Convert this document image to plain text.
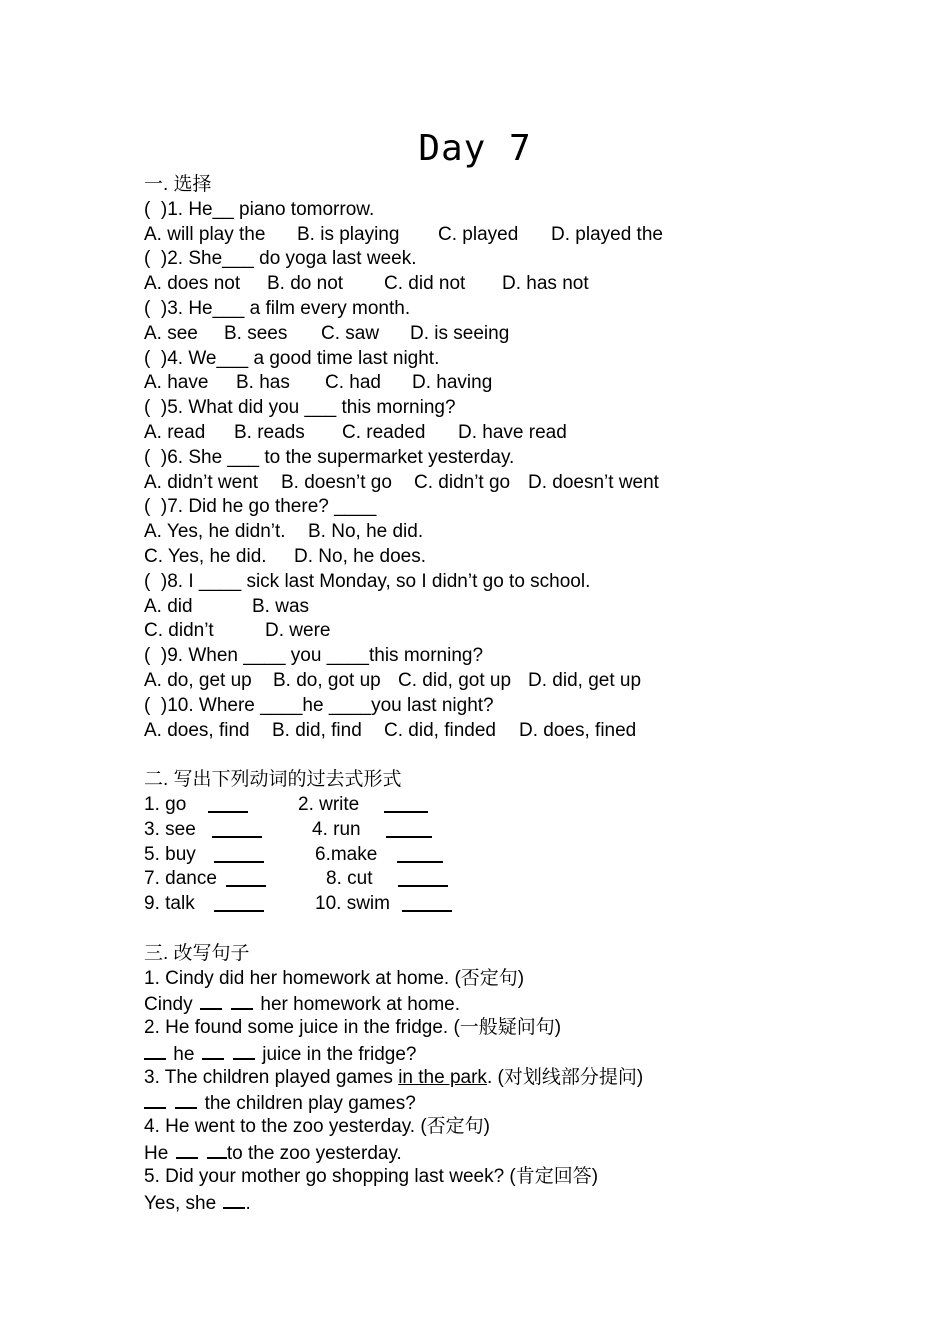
Day 7
一. 选择
(  )1. He__ piano tomorrow.

A. will play the

B. is playing

C. played

D. played the

(  )2. She___ do yoga last week.

A. does not

B. do not

C. did not

D. has not

(  )3. He___ a film every month.

A. see

B. sees

C. saw

D. is seeing

(  )4. We___ a good time last night.

A. have

B. has

C. had

D. having

(  )5. What did you ___ this morning?

A. read

B. reads

C. readed

D. have read

(  )6. She ___ to the supermarket yesterday.

A. didn’t went

B. doesn’t go

C. didn’t go

D. doesn’t went

(  )7. Did he go there? ____

A. Yes, he didn’t.

B. No, he did.

C. Yes, he did.

D. No, he does.

(  )8. I ____ sick last Monday, so I didn’t go to school.

A. did

	B. was

C. didn’t

	D. were

(  )9. When ____ you ____this morning?

A. do, get up

B. do, got up

C. did, got up

D. did, get up

(  )10. Where ____he ____you last night?

A. does, find

B. did, find

C. did, finded

D. does, fined

二. 写出下列动词的过去式形式

1. go

	2. write

3. see

	4. run

5. buy

	6.make

7. dance

	8. cut

9. talk

	10. swim

三. 改写句子
1. Cindy did her homework at home. (否定句)
Cindy	her homework at home.
2. He found some juice in the fridge. (一般疑问句)
he	juice in the fridge?
3. The children played games in the park. (对划线部分提问)
the children play games?
4. He went to the zoo yesterday. (否定句)
He	to the zoo yesterday.
5. Did your mother go shopping last week? (肯定回答)
Yes, she .
